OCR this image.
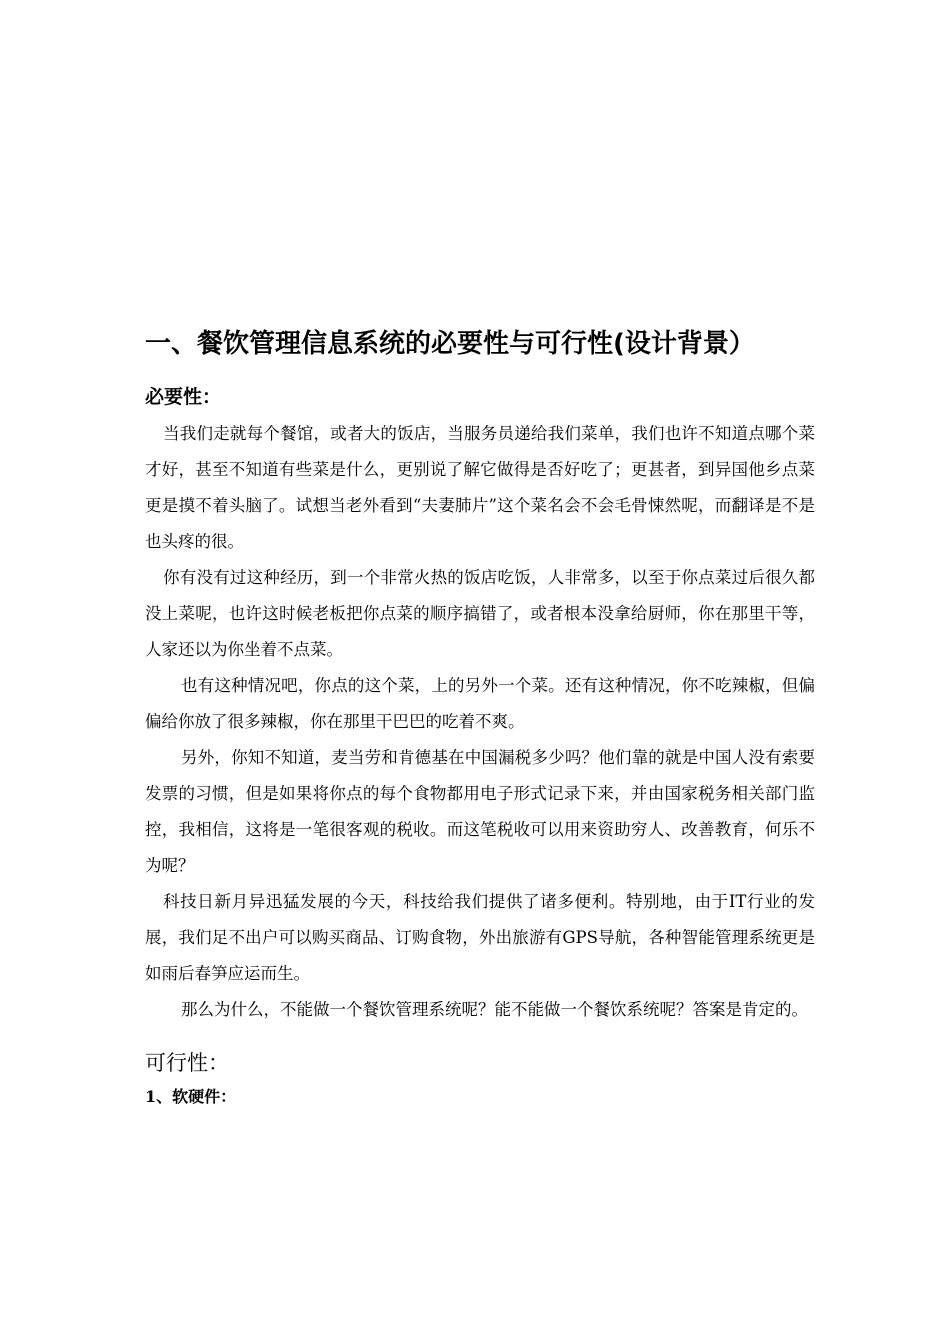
一、餐饮管理信息系统的必要性与可行性(设计背景）
必要性：

当我们走就每个餐馆，或者大的饭店，当服务员递给我们菜单，我们也许不知道点哪个菜才好，甚至不知道有些菜是什么，更别说了解它做得是否好吃了；更甚者，到异国他乡点菜更是摸不着头脑了。试想当老外看到“夫妻肺片”这个菜名会不会毛骨悚然呢，而翻译是不是也头疼的很。

你有没有过这种经历，到一个非常火热的饭店吃饭，人非常多，以至于你点菜过后很久都没上菜呢，也许这时候老板把你点菜的顺序搞错了，或者根本没拿给厨师，你在那里干等，人家还以为你坐着不点菜。

也有这种情况吧，你点的这个菜，上的另外一个菜。还有这种情况，你不吃辣椒，但偏偏给你放了很多辣椒，你在那里干巴巴的吃着不爽。

另外，你知不知道，麦当劳和肯德基在中国漏税多少吗？他们靠的就是中国人没有索要发票的习惯，但是如果将你点的每个食物都用电子形式记录下来，并由国家税务相关部门监控，我相信，这将是一笔很客观的税收。而这笔税收可以用来资助穷人、改善教育，何乐不为呢？

科技日新月异迅猛发展的今天，科技给我们提供了诸多便利。特别地，由于IT行业的发展，我们足不出户可以购买商品、订购食物，外出旅游有GPS导航，各种智能管理系统更是如雨后春笋应运而生。

那么为什么，不能做一个餐饮管理系统呢？能不能做一个餐饮系统呢？答案是肯定的。

可行性：
1、软硬件：
